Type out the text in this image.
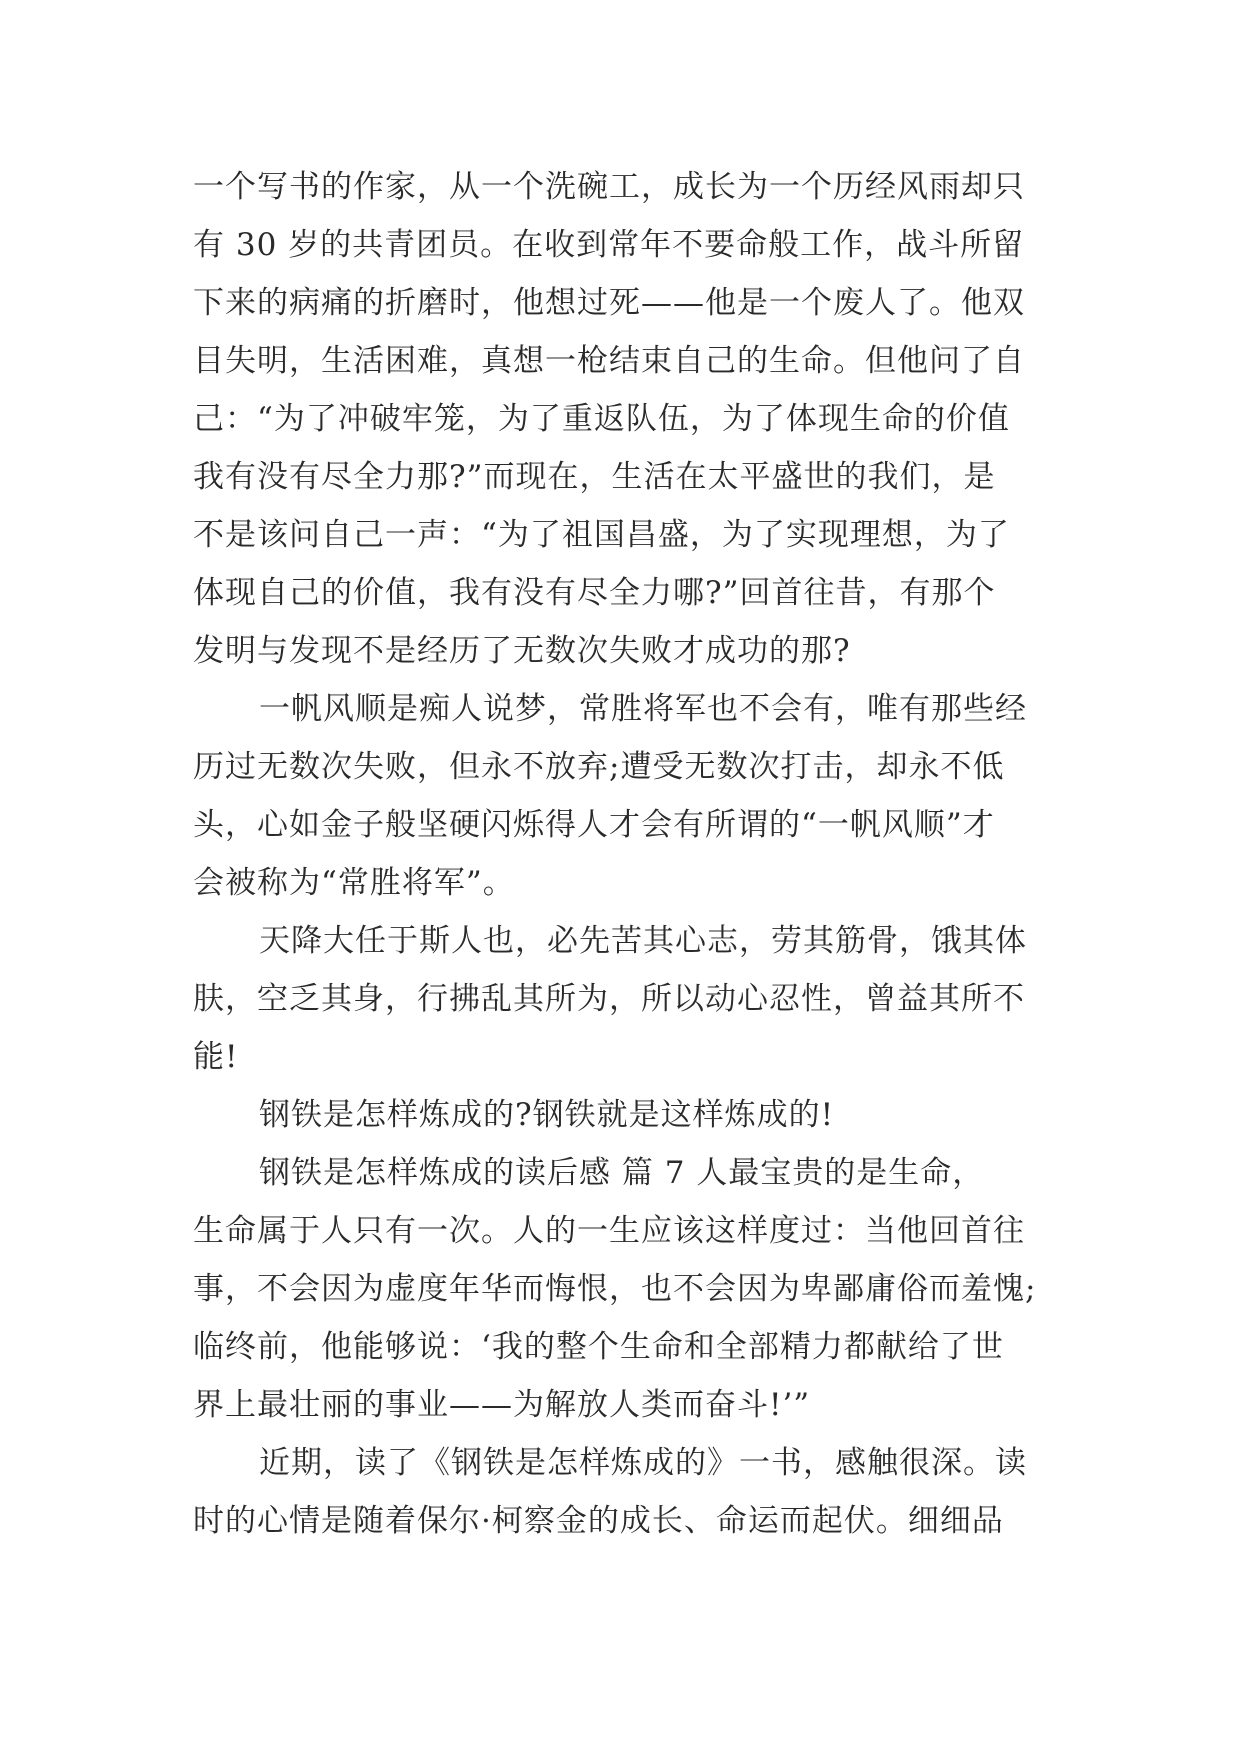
一个写书的作家，从一个洗碗工，成长为一个历经风雨却只
有 30 岁的共青团员。在收到常年不要命般工作，战斗所留
下来的病痛的折磨时，他想过死——他是一个废人了。他双
目失明，生活困难，真想一枪结束自己的生命。但他问了自
己：“为了冲破牢笼，为了重返队伍，为了体现生命的价值
我有没有尽全力那?”而现在，生活在太平盛世的我们，是
不是该问自己一声：“为了祖国昌盛，为了实现理想，为了
体现自己的价值，我有没有尽全力哪?”回首往昔，有那个
发明与发现不是经历了无数次失败才成功的那?
一帆风顺是痴人说梦，常胜将军也不会有，唯有那些经
历过无数次失败，但永不放弃;遭受无数次打击，却永不低
头，心如金子般坚硬闪烁得人才会有所谓的“一帆风顺”才
会被称为“常胜将军”。
天降大任于斯人也，必先苦其心志，劳其筋骨，饿其体
肤，空乏其身，行拂乱其所为，所以动心忍性，曾益其所不
能!
钢铁是怎样炼成的?钢铁就是这样炼成的!
钢铁是怎样炼成的读后感 篇 7 人最宝贵的是生命，
生命属于人只有一次。人的一生应该这样度过：当他回首往
事，不会因为虚度年华而悔恨，也不会因为卑鄙庸俗而羞愧;
临终前，他能够说：‘我的整个生命和全部精力都献给了世
界上最壮丽的事业——为解放人类而奋斗!’”
近期，读了《钢铁是怎样炼成的》一书，感触很深。读
时的心情是随着保尔·柯察金的成长、命运而起伏。细细品
